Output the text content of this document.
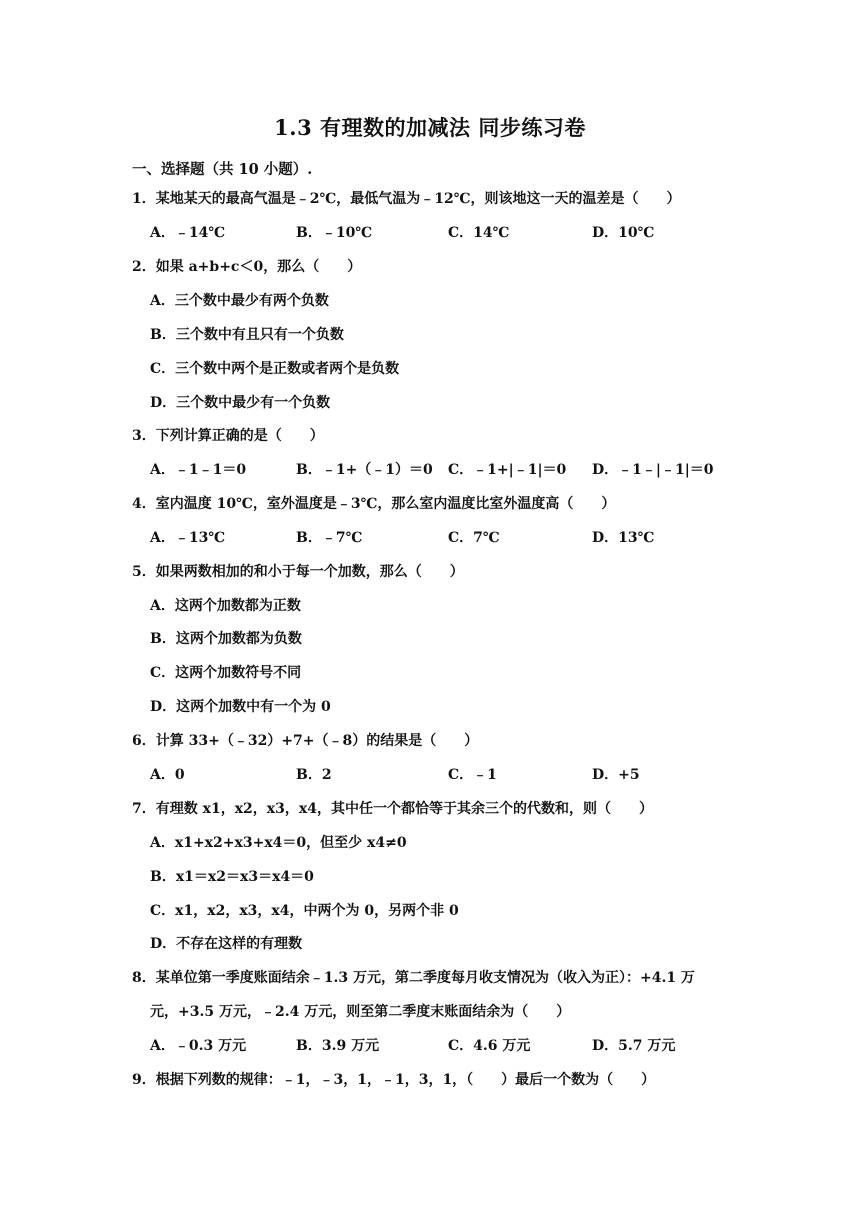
1.3 有理数的加减法 同步练习卷
一、选择题（共 10 小题）.
1．某地某天的最高气温是﹣2℃，最低气温为﹣12℃，则该地这一天的温差是（　　）
A．﹣14℃	B．﹣10℃	C．14℃	D．10℃
2．如果 a+b+c＜0，那么（　　）
A．三个数中最少有两个负数
B．三个数中有且只有一个负数
C．三个数中两个是正数或者两个是负数
D．三个数中最少有一个负数
3．下列计算正确的是（　　）
A．﹣1﹣1＝0	B．﹣1+（﹣1）＝0 C．﹣1+|﹣1|＝0 D．﹣1﹣|﹣1|＝0
4．室内温度 10℃，室外温度是﹣3℃，那么室内温度比室外温度高（　　）
A．﹣13℃	B．﹣7℃	C．7℃	D．13℃
5．如果两数相加的和小于每一个加数，那么（　　）
A．这两个加数都为正数
B．这两个加数都为负数
C．这两个加数符号不同
D．这两个加数中有一个为 0
6．计算 33+（﹣32）+7+（﹣8）的结果是（　　）
A．0	B．2	C．﹣1	D．+5
7．有理数 x1，x2，x3，x4，其中任一个都恰等于其余三个的代数和，则（　　）
A．x1+x2+x3+x4＝0，但至少 x4≠0
B．x1＝x2＝x3＝x4＝0
C．x1，x2，x3，x4，中两个为 0，另两个非 0
D．不存在这样的有理数
8．某单位第一季度账面结余﹣1.3 万元，第二季度每月收支情况为（收入为正）：+4.1 万
元，+3.5 万元，﹣2.4 万元，则至第二季度末账面结余为（　　）
A．﹣0.3 万元	B．3.9 万元	C．4.6 万元	D．5.7 万元
9．根据下列数的规律：﹣1，﹣3，1，﹣1，3，1，（　　）最后一个数为（　　）
